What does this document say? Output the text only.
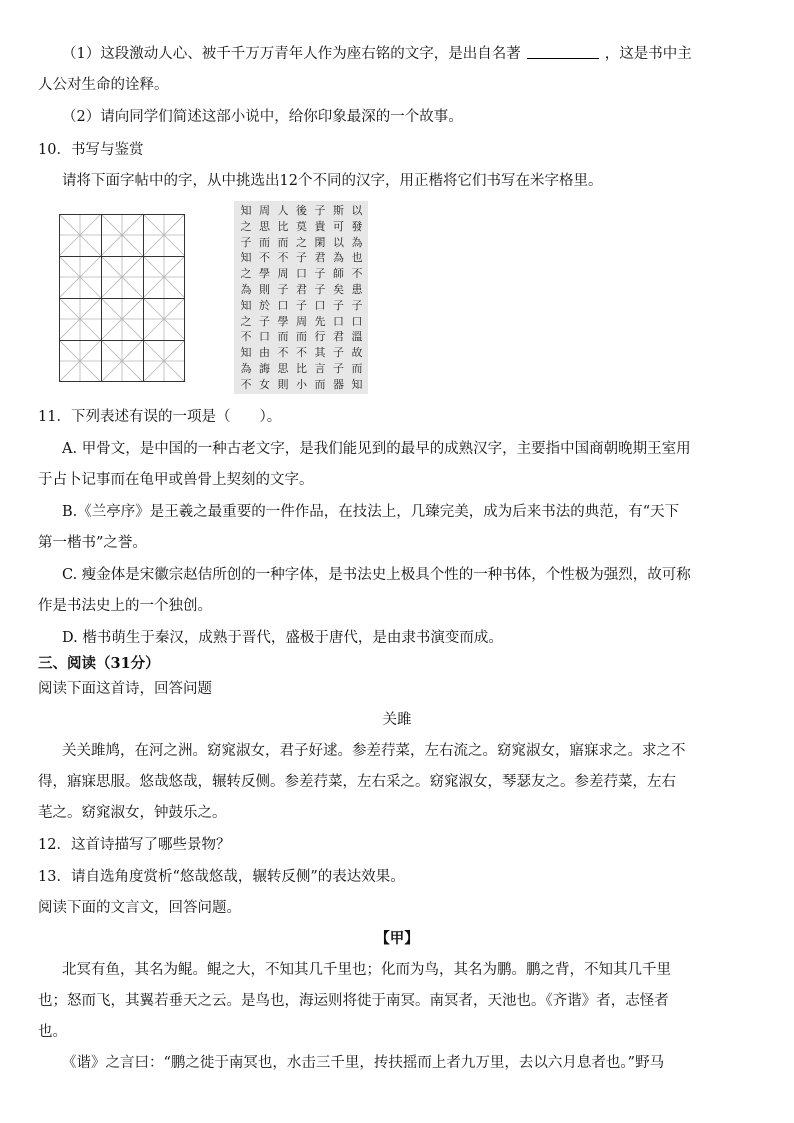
（1）这段激动人心、被千千万万青年人作为座右铭的文字，是出自名著	，这是书中主
人公对生命的诠释。
（2）请向同学们简述这部小说中，给你印象最深的一个故事。
10．书写与鉴赏
请将下面字帖中的字，从中挑选出12个不同的汉字，用正楷将它们书写在米字格里。
知 周 人 後 子 斯 以
之 思 比 莫 貴 可 發
子 而 而 之 閑 以 為
知 不 不 子 君 為 也
之 學 周 口 子 師 不
為 則 子 君 子 矣 患
知 於 口 子 口 子 子
之 子 學 周 先 口 口
不 口 而 而 行 君 溫
知 由 不 不 其 子 故
為 誨 思 比 言 子 而
不 女 則 小 而 器 知
11．下列表述有误的一项是（　　）。
A. 甲骨文，是中国的一种古老文字，是我们能见到的最早的成熟汉字，主要指中国商朝晚期王室用
于占卜记事而在龟甲或兽骨上契刻的文字。
B.《兰亭序》是王羲之最重要的一件作品，在技法上，几臻完美，成为后来书法的典范，有“天下
第一楷书”之誉。
C. 瘦金体是宋徽宗赵佶所创的一种字体，是书法史上极具个性的一种书体，个性极为强烈，故可称
作是书法史上的一个独创。
D. 楷书萌生于秦汉，成熟于晋代，盛极于唐代，是由隶书演变而成。
三、阅读（31分）
阅读下面这首诗，回答问题
关雎
关关雎鸠，在河之洲。窈窕淑女，君子好逑。参差荇菜，左右流之。窈窕淑女，寤寐求之。求之不
得，寤寐思服。悠哉悠哉，辗转反侧。参差荇菜，左右采之。窈窕淑女，琴瑟友之。参差荇菜，左右
芼之。窈窕淑女，钟鼓乐之。
12．这首诗描写了哪些景物？
13．请自选角度赏析“悠哉悠哉，辗转反侧”的表达效果。
阅读下面的文言文，回答问题。
【甲】
北冥有鱼，其名为鲲。鲲之大，不知其几千里也；化而为鸟，其名为鹏。鹏之背，不知其几千里
也；怒而飞，其翼若垂天之云。是鸟也，海运则将徙于南冥。南冥者，天池也。《齐谐》者，志怪者
也。
《谐》之言曰：“鹏之徙于南冥也，水击三千里，抟扶摇而上者九万里，去以六月息者也。”野马
